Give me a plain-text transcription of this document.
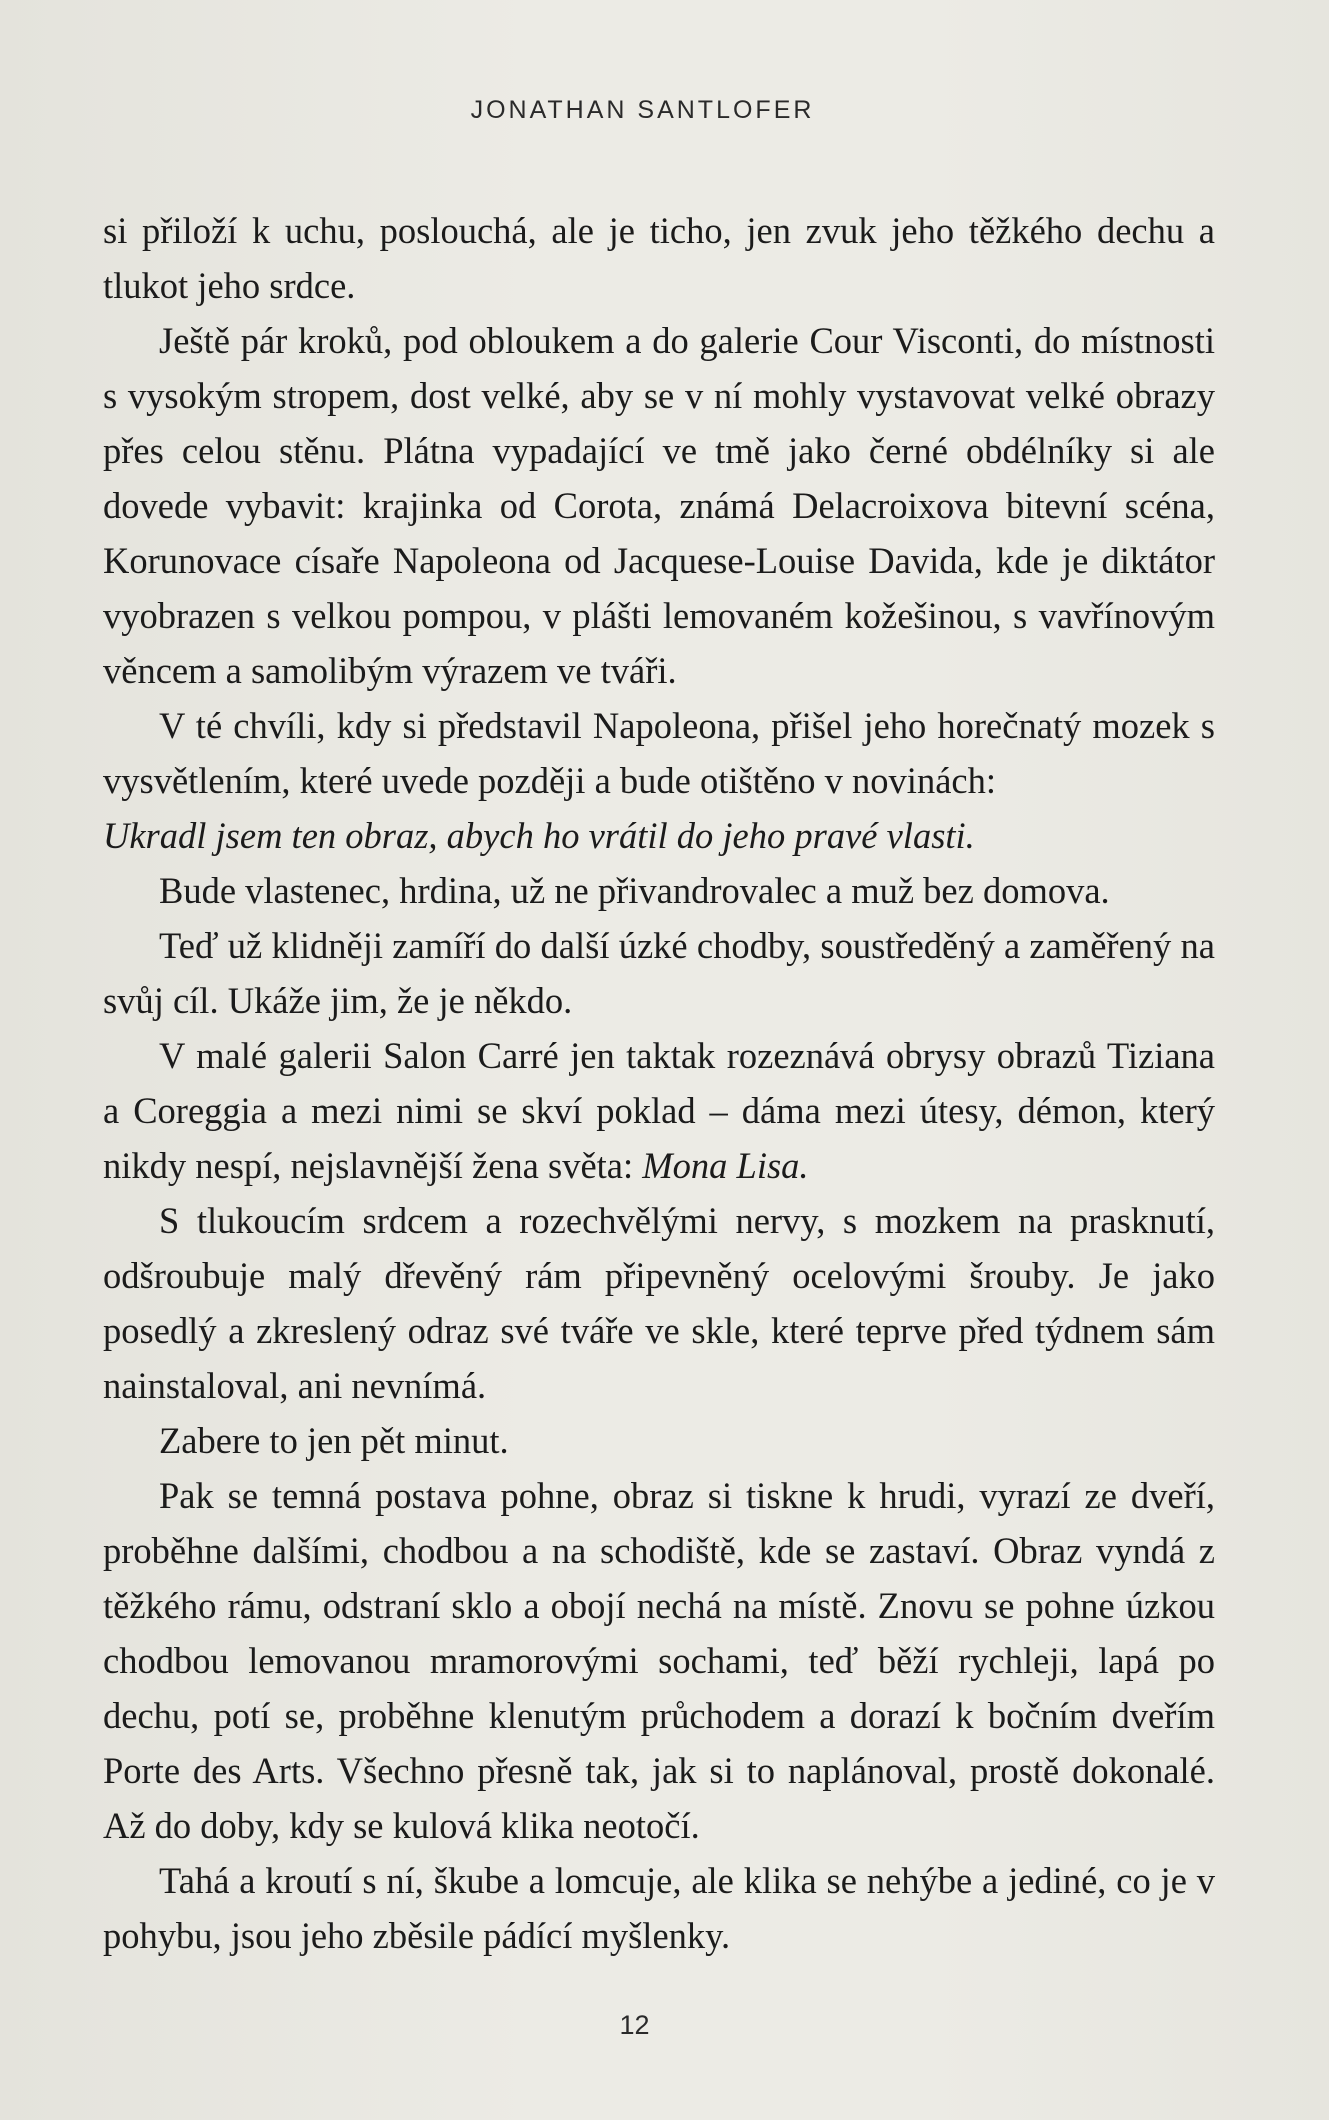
JONATHAN SANTLOFER

si přiloží k uchu, poslouchá, ale je ticho, jen zvuk jeho těžkého dechu a tlukot jeho srdce.

Ještě pár kroků, pod obloukem a do galerie Cour Visconti, do místnosti s vysokým stropem, dost velké, aby se v ní mohly vystavovat velké obrazy přes celou stěnu. Plátna vypadající ve tmě jako černé obdélníky si ale dovede vybavit: krajinka od Corota, známá Delacroixova bitevní scéna, Korunovace císaře Napoleona od Jacquese-Louise Davida, kde je diktátor vyobrazen s velkou pompou, v plášti lemovaném kožešinou, s vavřínovým věncem a samolibým výrazem ve tváři.

V té chvíli, kdy si představil Napoleona, přišel jeho horečnatý mozek s vysvětlením, které uvede později a bude otištěno v novinách:

Ukradl jsem ten obraz, abych ho vrátil do jeho pravé vlasti.

Bude vlastenec, hrdina, už ne přivandrovalec a muž bez domova.

Teď už klidněji zamíří do další úzké chodby, soustředěný a zaměřený na svůj cíl. Ukáže jim, že je někdo.

V malé galerii Salon Carré jen taktak rozeznává obrysy obrazů Tiziana a Coreggia a mezi nimi se skví poklad – dáma mezi útesy, démon, který nikdy nespí, nejslavnější žena světa: Mona Lisa.

S tlukoucím srdcem a rozechvělými nervy, s mozkem na prasknutí, odšroubuje malý dřevěný rám připevněný ocelovými šrouby. Je jako posedlý a zkreslený odraz své tváře ve skle, které teprve před týdnem sám nainstaloval, ani nevnímá.

Zabere to jen pět minut.

Pak se temná postava pohne, obraz si tiskne k hrudi, vyrazí ze dveří, proběhne dalšími, chodbou a na schodiště, kde se zastaví. Obraz vyndá z těžkého rámu, odstraní sklo a obojí nechá na místě. Znovu se pohne úzkou chodbou lemovanou mramorovými sochami, teď běží rychleji, lapá po dechu, potí se, proběhne klenutým průchodem a dorazí k bočním dveřím Porte des Arts. Všechno přesně tak, jak si to naplánoval, prostě dokonalé. Až do doby, kdy se kulová klika neotočí.

Tahá a kroutí s ní, škube a lomcuje, ale klika se nehýbe a jediné, co je v pohybu, jsou jeho zběsile pádící myšlenky.

12
